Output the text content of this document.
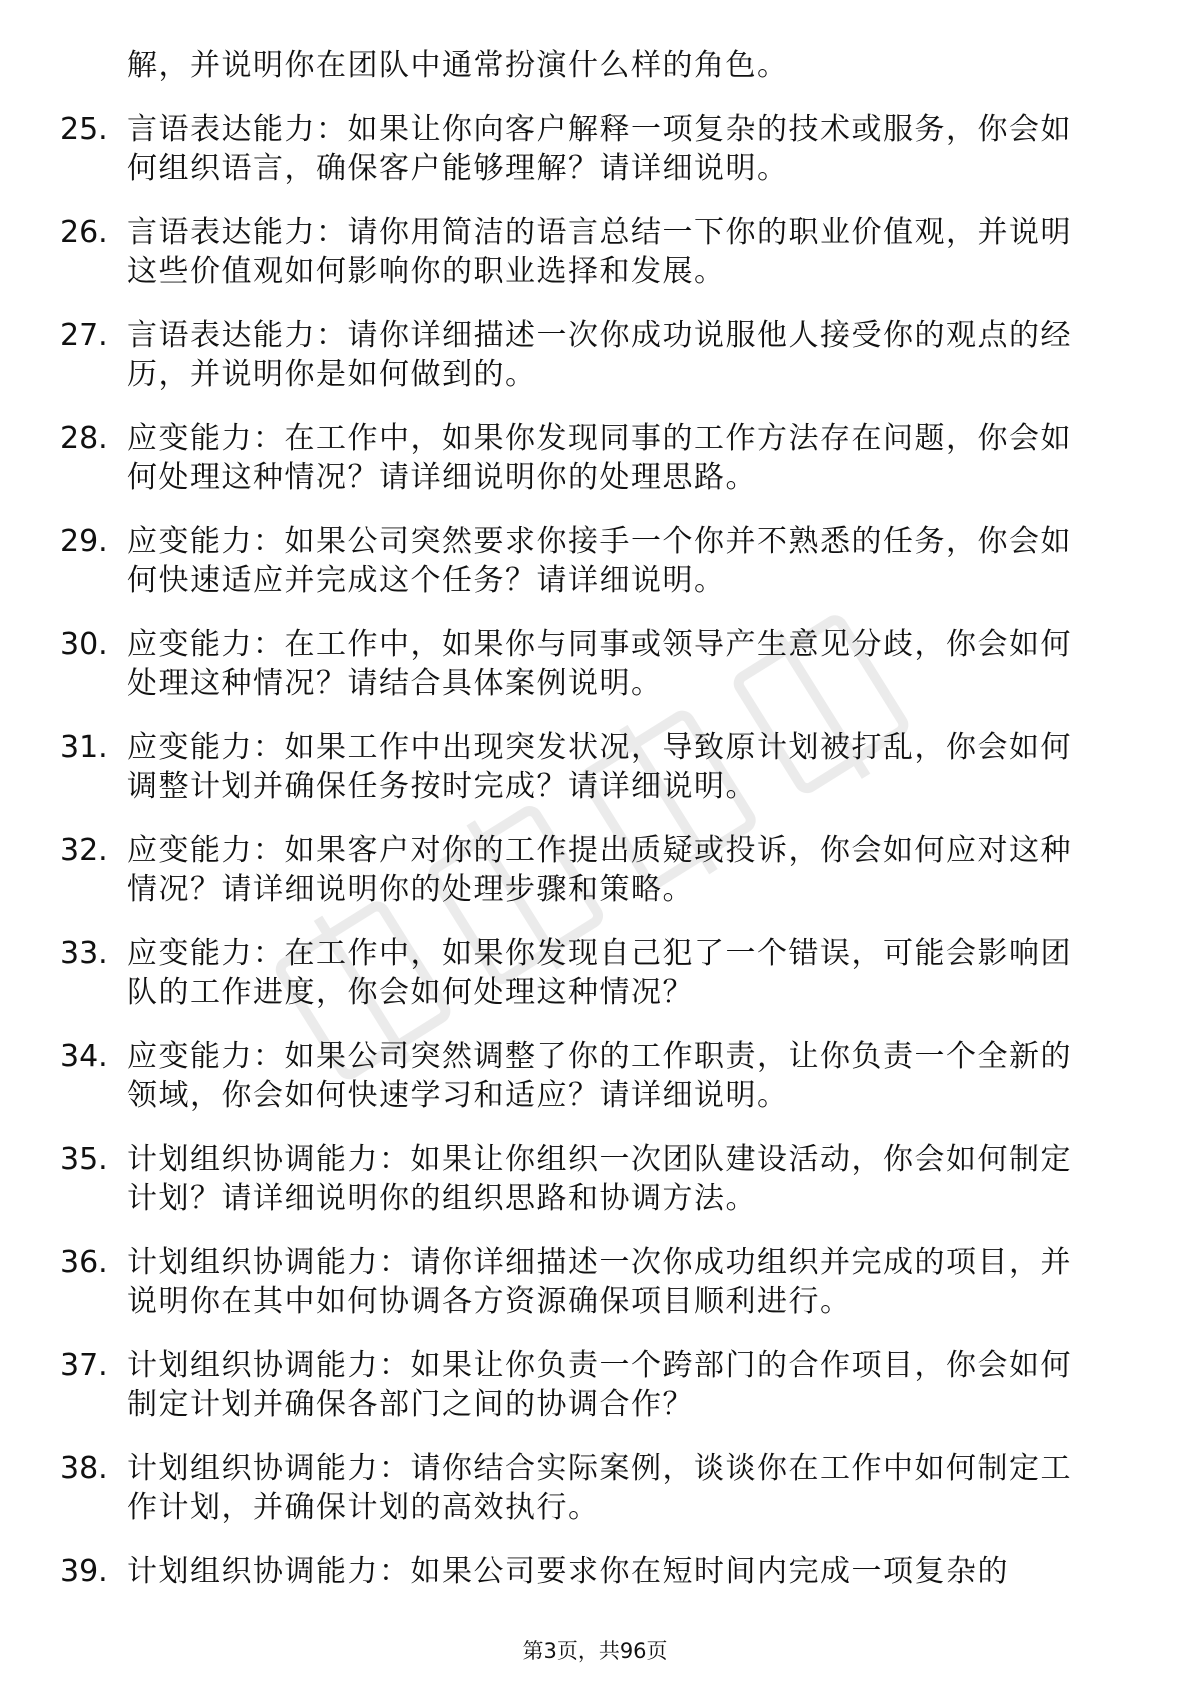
解，并说明你在团队中通常扮演什么样的角色。
25. 言语表达能力：如果让你向客户解释一项复杂的技术或服务，你会如何组织语言，确保客户能够理解？请详细说明。
26. 言语表达能力：请你用简洁的语言总结一下你的职业价值观，并说明这些价值观如何影响你的职业选择和发展。
27. 言语表达能力：请你详细描述一次你成功说服他人接受你的观点的经历，并说明你是如何做到的。
28. 应变能力：在工作中，如果你发现同事的工作方法存在问题，你会如何处理这种情况？请详细说明你的处理思路。
29. 应变能力：如果公司突然要求你接手一个你并不熟悉的任务，你会如何快速适应并完成这个任务？请详细说明。
30. 应变能力：在工作中，如果你与同事或领导产生意见分歧，你会如何处理这种情况？请结合具体案例说明。
31. 应变能力：如果工作中出现突发状况，导致原计划被打乱，你会如何调整计划并确保任务按时完成？请详细说明。
32. 应变能力：如果客户对你的工作提出质疑或投诉，你会如何应对这种情况？请详细说明你的处理步骤和策略。
33. 应变能力：在工作中，如果你发现自己犯了一个错误，可能会影响团队的工作进度，你会如何处理这种情况？
34. 应变能力：如果公司突然调整了你的工作职责，让你负责一个全新的领域，你会如何快速学习和适应？请详细说明。
35. 计划组织协调能力：如果让你组织一次团队建设活动，你会如何制定计划？请详细说明你的组织思路和协调方法。
36. 计划组织协调能力：请你详细描述一次你成功组织并完成的项目，并说明你在其中如何协调各方资源确保项目顺利进行。
37. 计划组织协调能力：如果让你负责一个跨部门的合作项目，你会如何制定计划并确保各部门之间的协调合作？
38. 计划组织协调能力：请你结合实际案例，谈谈你在工作中如何制定工作计划，并确保计划的高效执行。
39. 计划组织协调能力：如果公司要求你在短时间内完成一项复杂的
第3页，共96页
